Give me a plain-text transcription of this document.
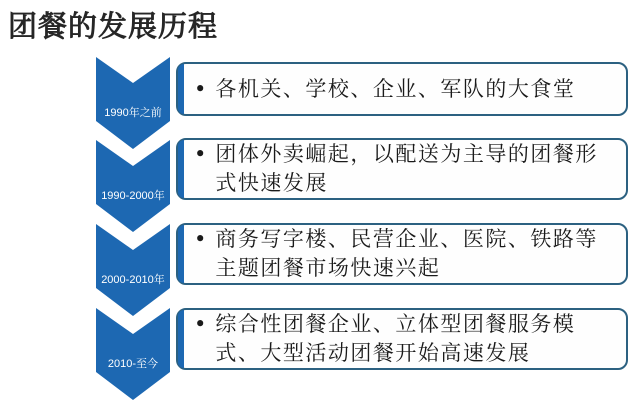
团餐的发展历程
1990年之前
• 各机关、学校、企业、军队的大食堂
1990-2000年
• 团体外卖崛起，以配送为主导的团餐形式快速发展
2000-2010年
• 商务写字楼、民营企业、医院、铁路等主题团餐市场快速兴起
2010-至今
• 综合性团餐企业、立体型团餐服务模式、大型活动团餐开始高速发展
